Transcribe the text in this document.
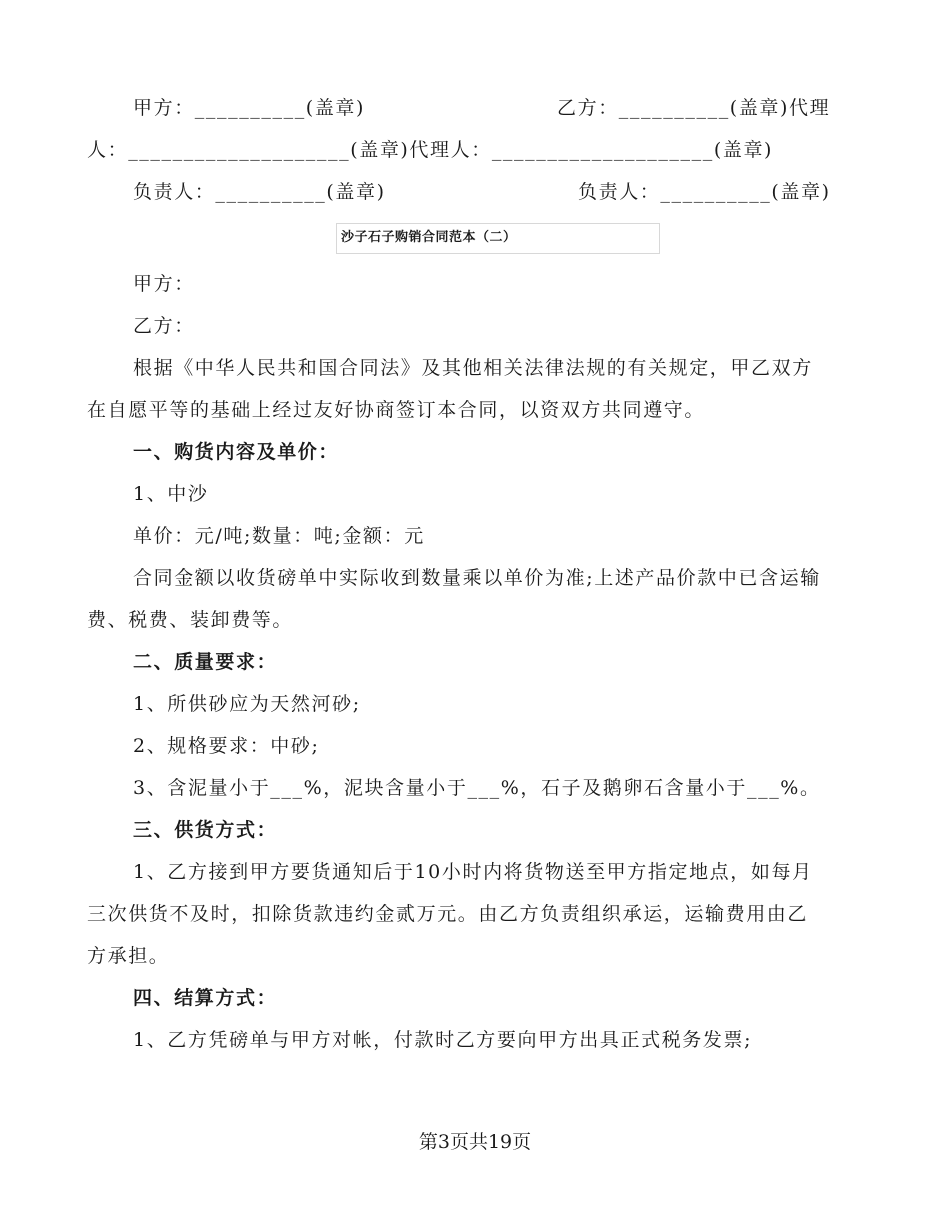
甲方：__________(盖章)	乙方：__________(盖章)代理
人：____________________(盖章)代理人：____________________(盖章)
负责人：__________(盖章)	负责人：__________(盖章)
沙子石子购销合同范本（二）
甲方：
乙方：
根据《中华人民共和国合同法》及其他相关法律法规的有关规定，甲乙双方
在自愿平等的基础上经过友好协商签订本合同，以资双方共同遵守。
一、购货内容及单价：
1、中沙
单价：元/吨;数量：吨;金额：元
合同金额以收货磅单中实际收到数量乘以单价为准;上述产品价款中已含运输
费、税费、装卸费等。
二、质量要求：
1、所供砂应为天然河砂;
2、规格要求：中砂;
3、含泥量小于___%，泥块含量小于___%，石子及鹅卵石含量小于___%。
三、供货方式：
1、乙方接到甲方要货通知后于10小时内将货物送至甲方指定地点，如每月
三次供货不及时，扣除货款违约金贰万元。由乙方负责组织承运，运输费用由乙
方承担。
四、结算方式：
1、乙方凭磅单与甲方对帐，付款时乙方要向甲方出具正式税务发票;
第3页共19页
